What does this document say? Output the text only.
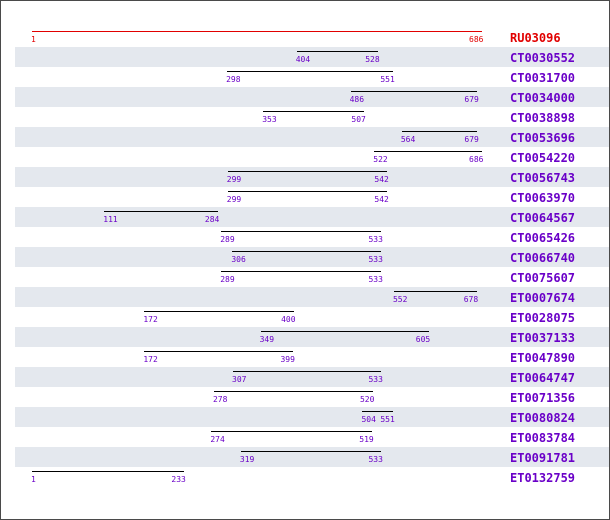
1	686 RU03096
404	528	CT0030552
298	551	CT0031700
486	679	CT0034000
353	507	CT0038898
564	679	CT0053696
522	686 CT0054220
299	542	CT0056743
299	542	CT0063970
111	284	CT0064567
289	533	CT0065426
306	533	CT0066740
289	533	CT0075607
552	678	ET0007674
172	400	ET0028075
349	605	ET0037133
172	399	ET0047890
307	533	ET0064747
278	520	ET0071356
504 551	ET0080824
274	519	ET0083784
319	533	ET0091781
1	233	ET0132759
